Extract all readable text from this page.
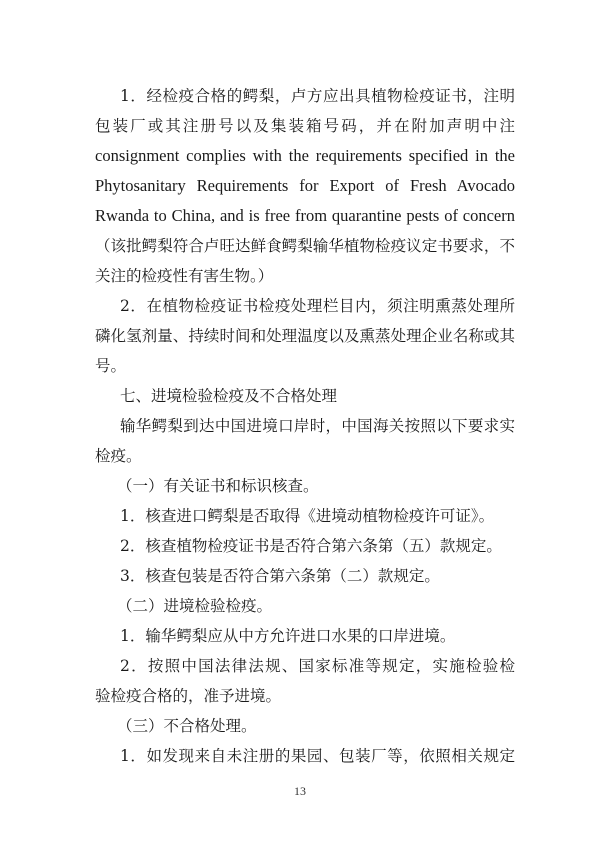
1．经检疫合格的鳄梨，卢方应出具植物检疫证书，注明
包装厂或其注册号以及集装箱号码，并在附加声明中注
consignment complies with the requirements specified in the
Phytosanitary Requirements for Export of Fresh Avocado
Rwanda to China, and is free from quarantine pests of concern
（该批鳄梨符合卢旺达鲜食鳄梨输华植物检疫议定书要求，不
关注的检疫性有害生物。）
2．在植物检疫证书检疫处理栏目内，须注明熏蒸处理所
磷化氢剂量、持续时间和处理温度以及熏蒸处理企业名称或其
号。
七、进境检验检疫及不合格处理
输华鳄梨到达中国进境口岸时，中国海关按照以下要求实
检疫。
（一）有关证书和标识核查。
1．核查进口鳄梨是否取得《进境动植物检疫许可证》。
2．核查植物检疫证书是否符合第六条第（五）款规定。
3．核查包装是否符合第六条第（二）款规定。
（二）进境检验检疫。
1．输华鳄梨应从中方允许进口水果的口岸进境。
2．按照中国法律法规、国家标准等规定，实施检验检
验检疫合格的，准予进境。
（三）不合格处理。
1．如发现来自未注册的果园、包装厂等，依照相关规定
13
